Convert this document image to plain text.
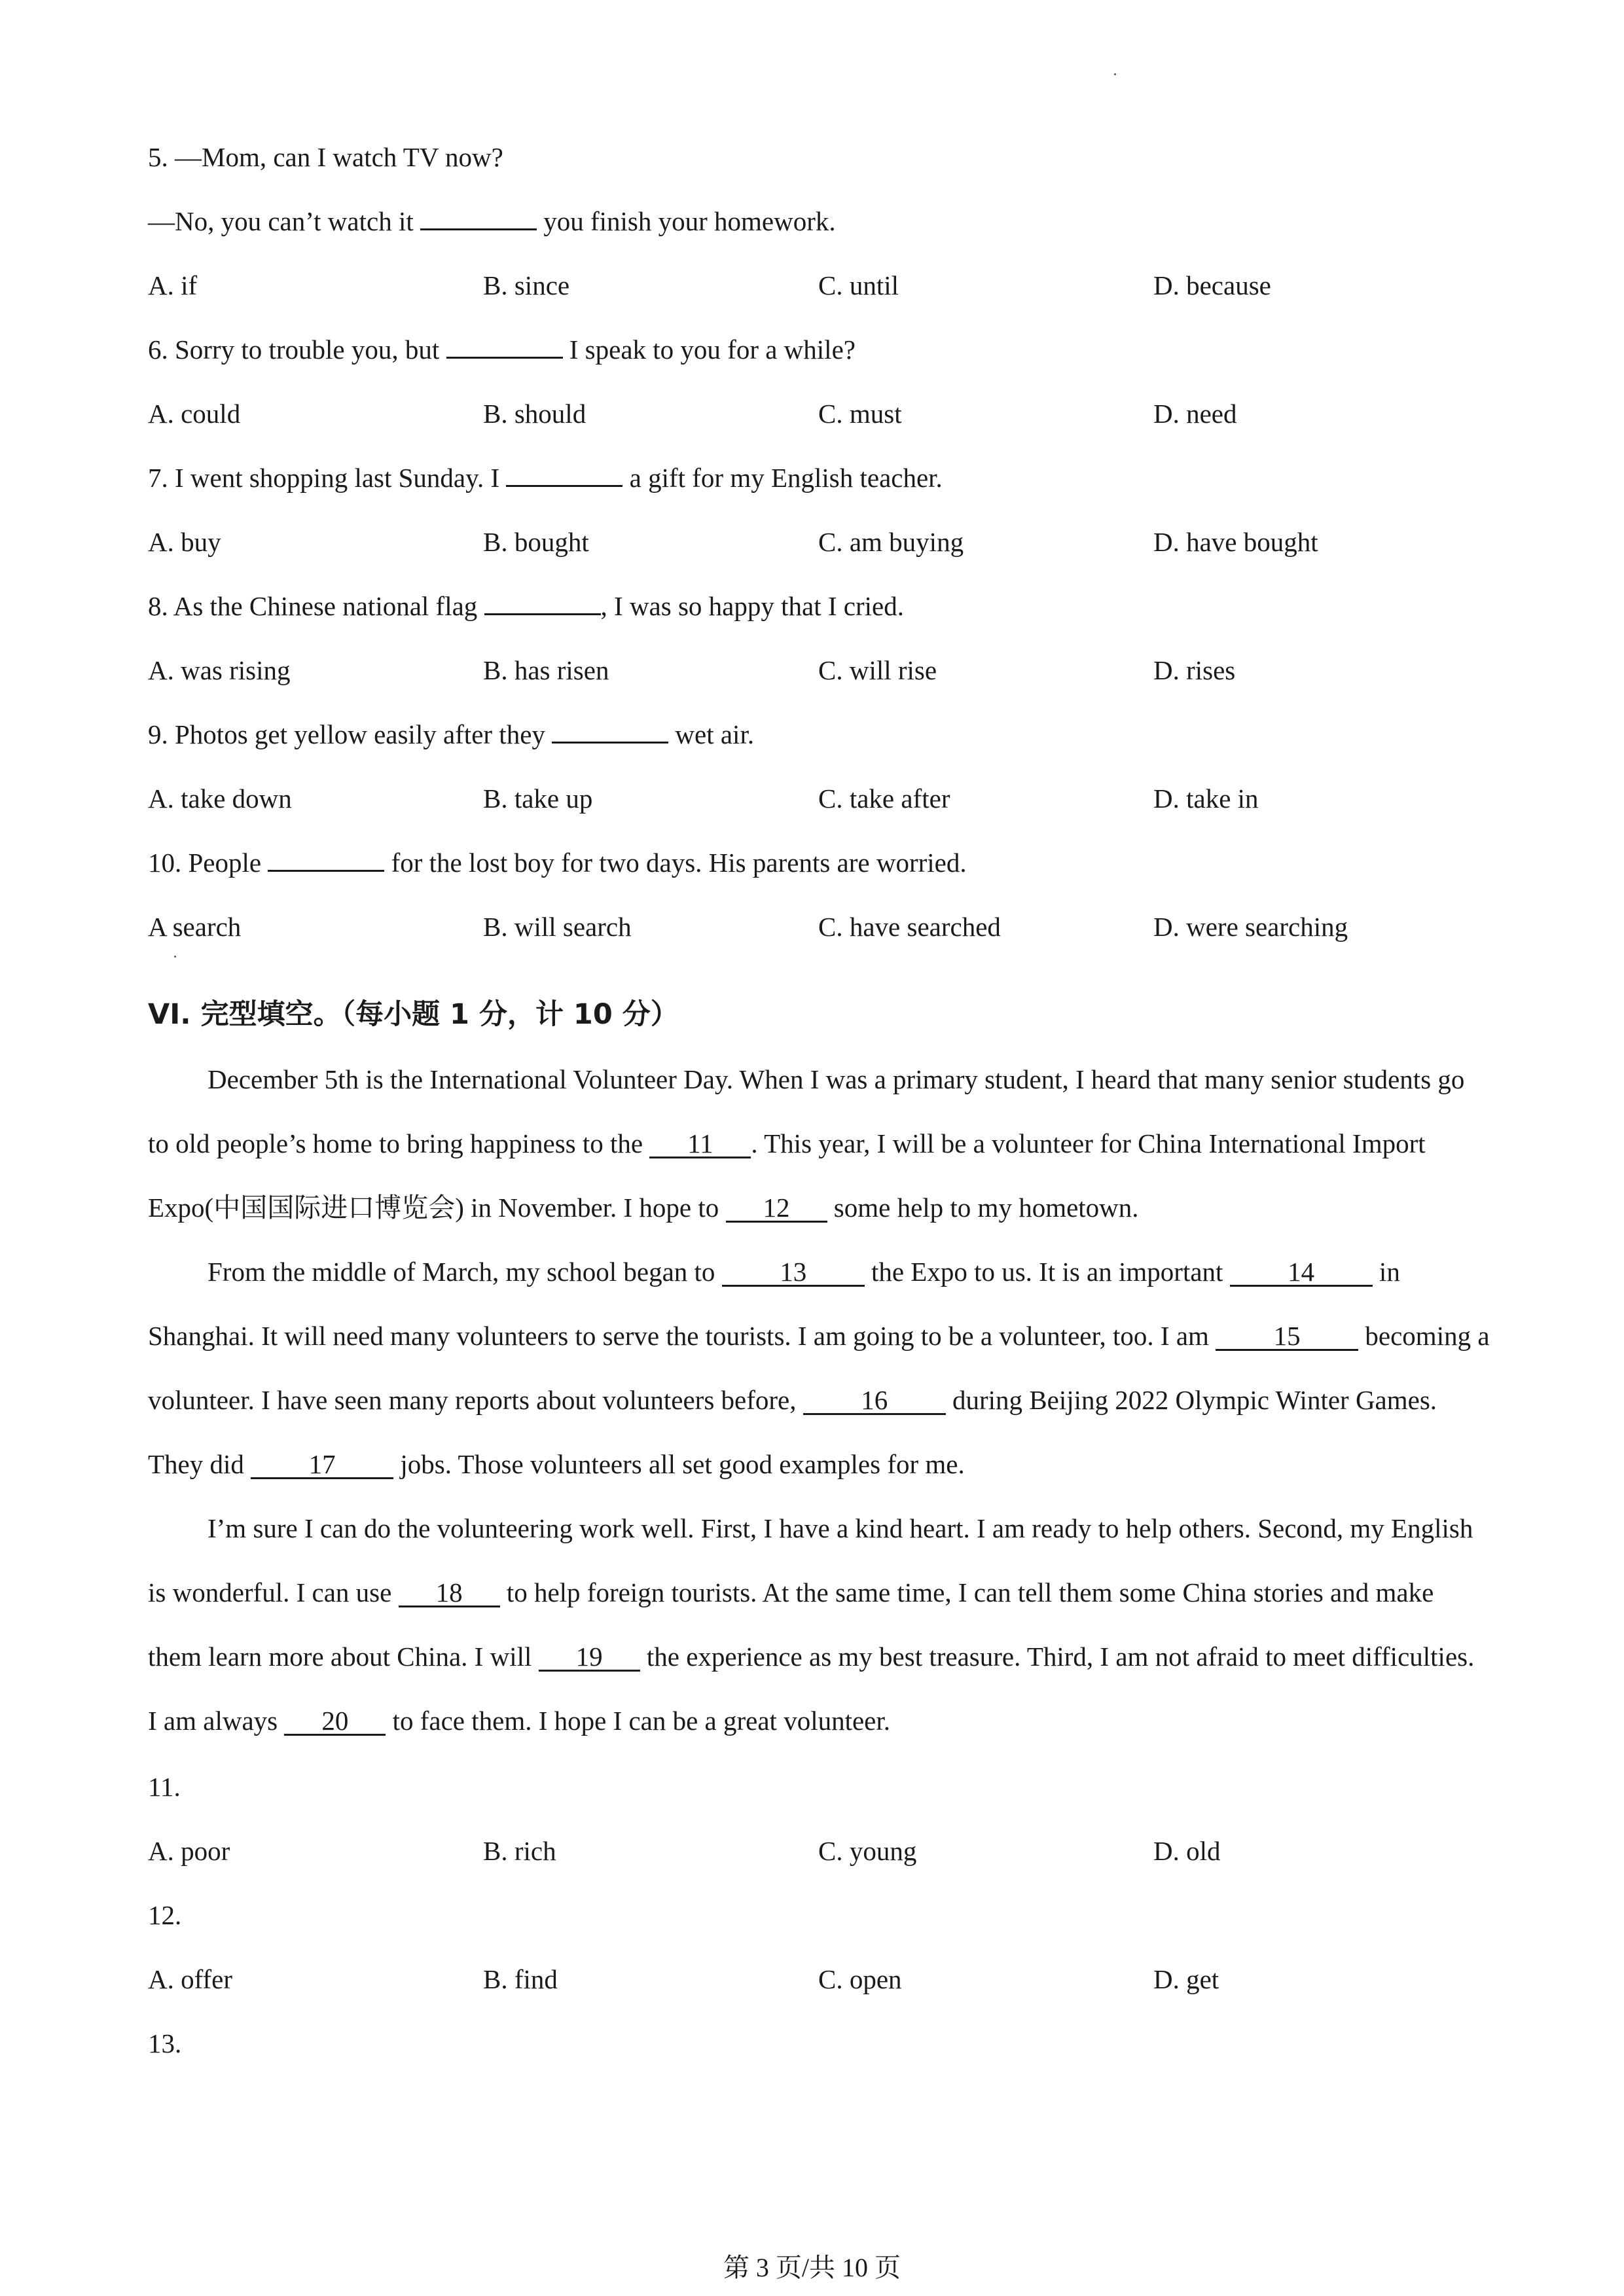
5. —Mom, can I watch TV now?
—No, you can’t watch it	you finish your homework.
A. if	B. since	C. until	D. because
6. Sorry to trouble you, but	I speak to you for a while?
A. could	B. should	C. must	D. need
7. I went shopping last Sunday. I	a gift for my English teacher.
A. buy	B. bought	C. am buying	D. have bought
8. As the Chinese national flag	, I was so happy that I cried.
A. was rising	B. has risen	C. will rise	D. rises
9. Photos get yellow easily after they	wet air.
A. take down	B. take up	C. take after	D. take in
10. People	for the lost boy for two days. His parents are worried.
A search	B. will search	C. have searched	D. were searching
VI. 完型填空。（每小题 1 分，计 10 分）
December 5th is the International Volunteer Day. When I was a primary student, I heard that many senior students go to old people’s home to bring happiness to the 11 . This year, I will be a volunteer for China International Import Expo(中国国际进口博览会) in November. I hope to 12 some help to my hometown.
From the middle of March, my school began to 13 the Expo to us. It is an important 14 in Shanghai. It will need many volunteers to serve the tourists. I am going to be a volunteer, too. I am 15 becoming a volunteer. I have seen many reports about volunteers before, 16 during Beijing 2022 Olympic Winter Games. They did 17 jobs. Those volunteers all set good examples for me.
I’m sure I can do the volunteering work well. First, I have a kind heart. I am ready to help others. Second, my English is wonderful. I can use 18 to help foreign tourists. At the same time, I can tell them some China stories and make them learn more about China. I will 19 the experience as my best treasure. Third, I am not afraid to meet difficulties. I am always 20 to face them. I hope I can be a great volunteer.
11.
A. poor	B. rich	C. young	D. old
12.
A. offer	B. find	C. open	D. get
13.
第 3 页/共 10 页
